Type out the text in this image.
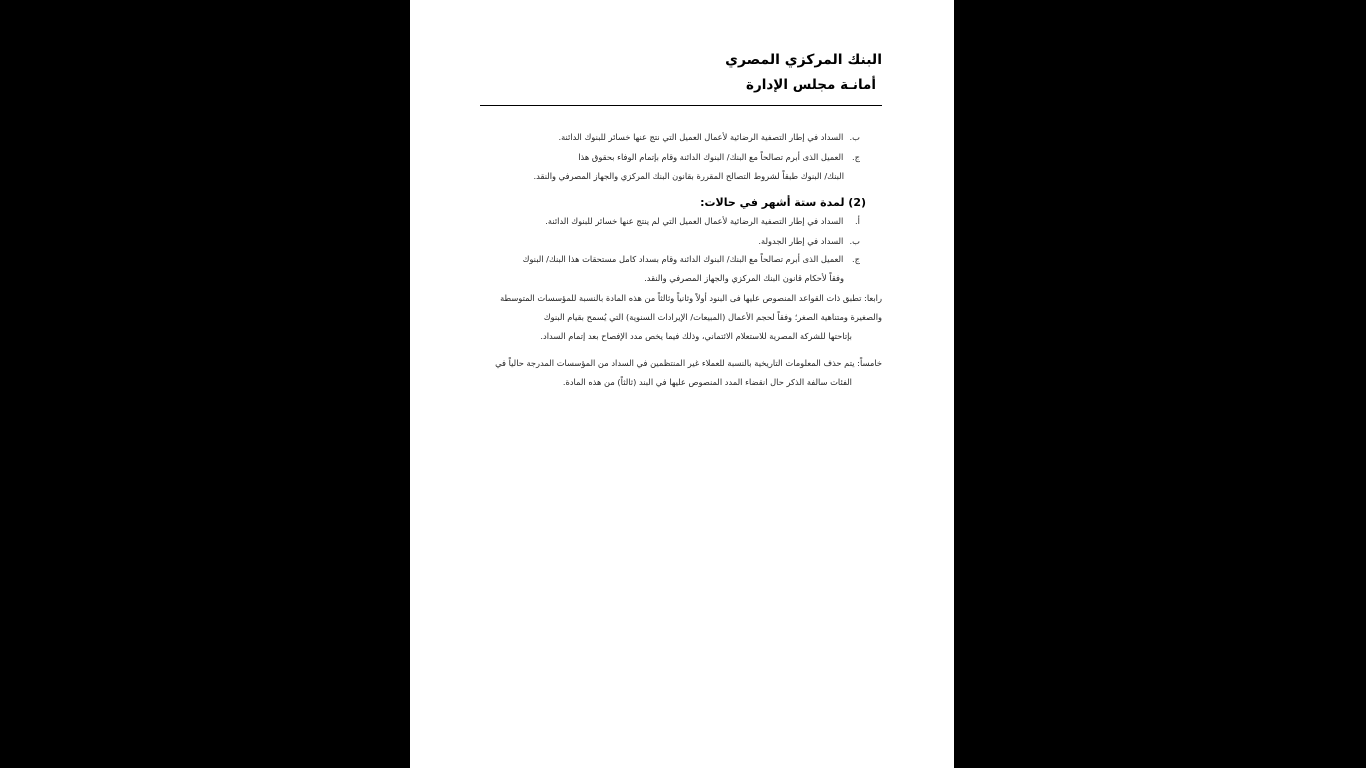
البنك المركزي المصري
أمانـة مجلس الإدارة
ب. السداد في إطار التصفية الرضائية لأعمال العميل التي نتج عنها خسائر للبنوك الدائنة.
ج. العميل الذى أبرم تصالحاً مع البنك/ البنوك الدائنة وقام بإتمام الوفاء بحقوق هذا
البنك/ البنوك طبقاً لشروط التصالح المقررة بقانون البنك المركزي والجهاز المصرفي والنقد.
(2) لمدة ستة أشهر في حالات:
أ. السداد في إطار التصفية الرضائية لأعمال العميل التي لم ينتج عنها خسائر للبنوك الدائنة.
ب. السداد في إطار الجدولة.
ج. العميل الذى أبرم تصالحاً مع البنك/ البنوك الدائنة وقام بسداد كامل مستحقات هذا البنك/ البنوك
وفقاً لأحكام قانون البنك المركزي والجهاز المصرفي والنقد.
رابعا: تطبق ذات القواعد المنصوص عليها فى البنود أولاً وثانياً وثالثاً من هذه المادة بالنسبة للمؤسسات المتوسطة
والصغيرة ومتناهية الصغر؛ وفقاً لحجم الأعمال (المبيعات/ الإيرادات السنوية) التي يُسمح بقيام البنوك
بإتاحتها للشركة المصرية للاستعلام الائتماني، وذلك فيما يخص مدد الإفصاح بعد إتمام السداد.
خامساً: يتم حذف المعلومات التاريخية بالنسبة للعملاء غير المنتظمين في السداد من المؤسسات المدرجة حالياً في
الفئات سالفة الذكر حال انقضاء المدد المنصوص عليها في البند (ثالثاً) من هذه المادة.
